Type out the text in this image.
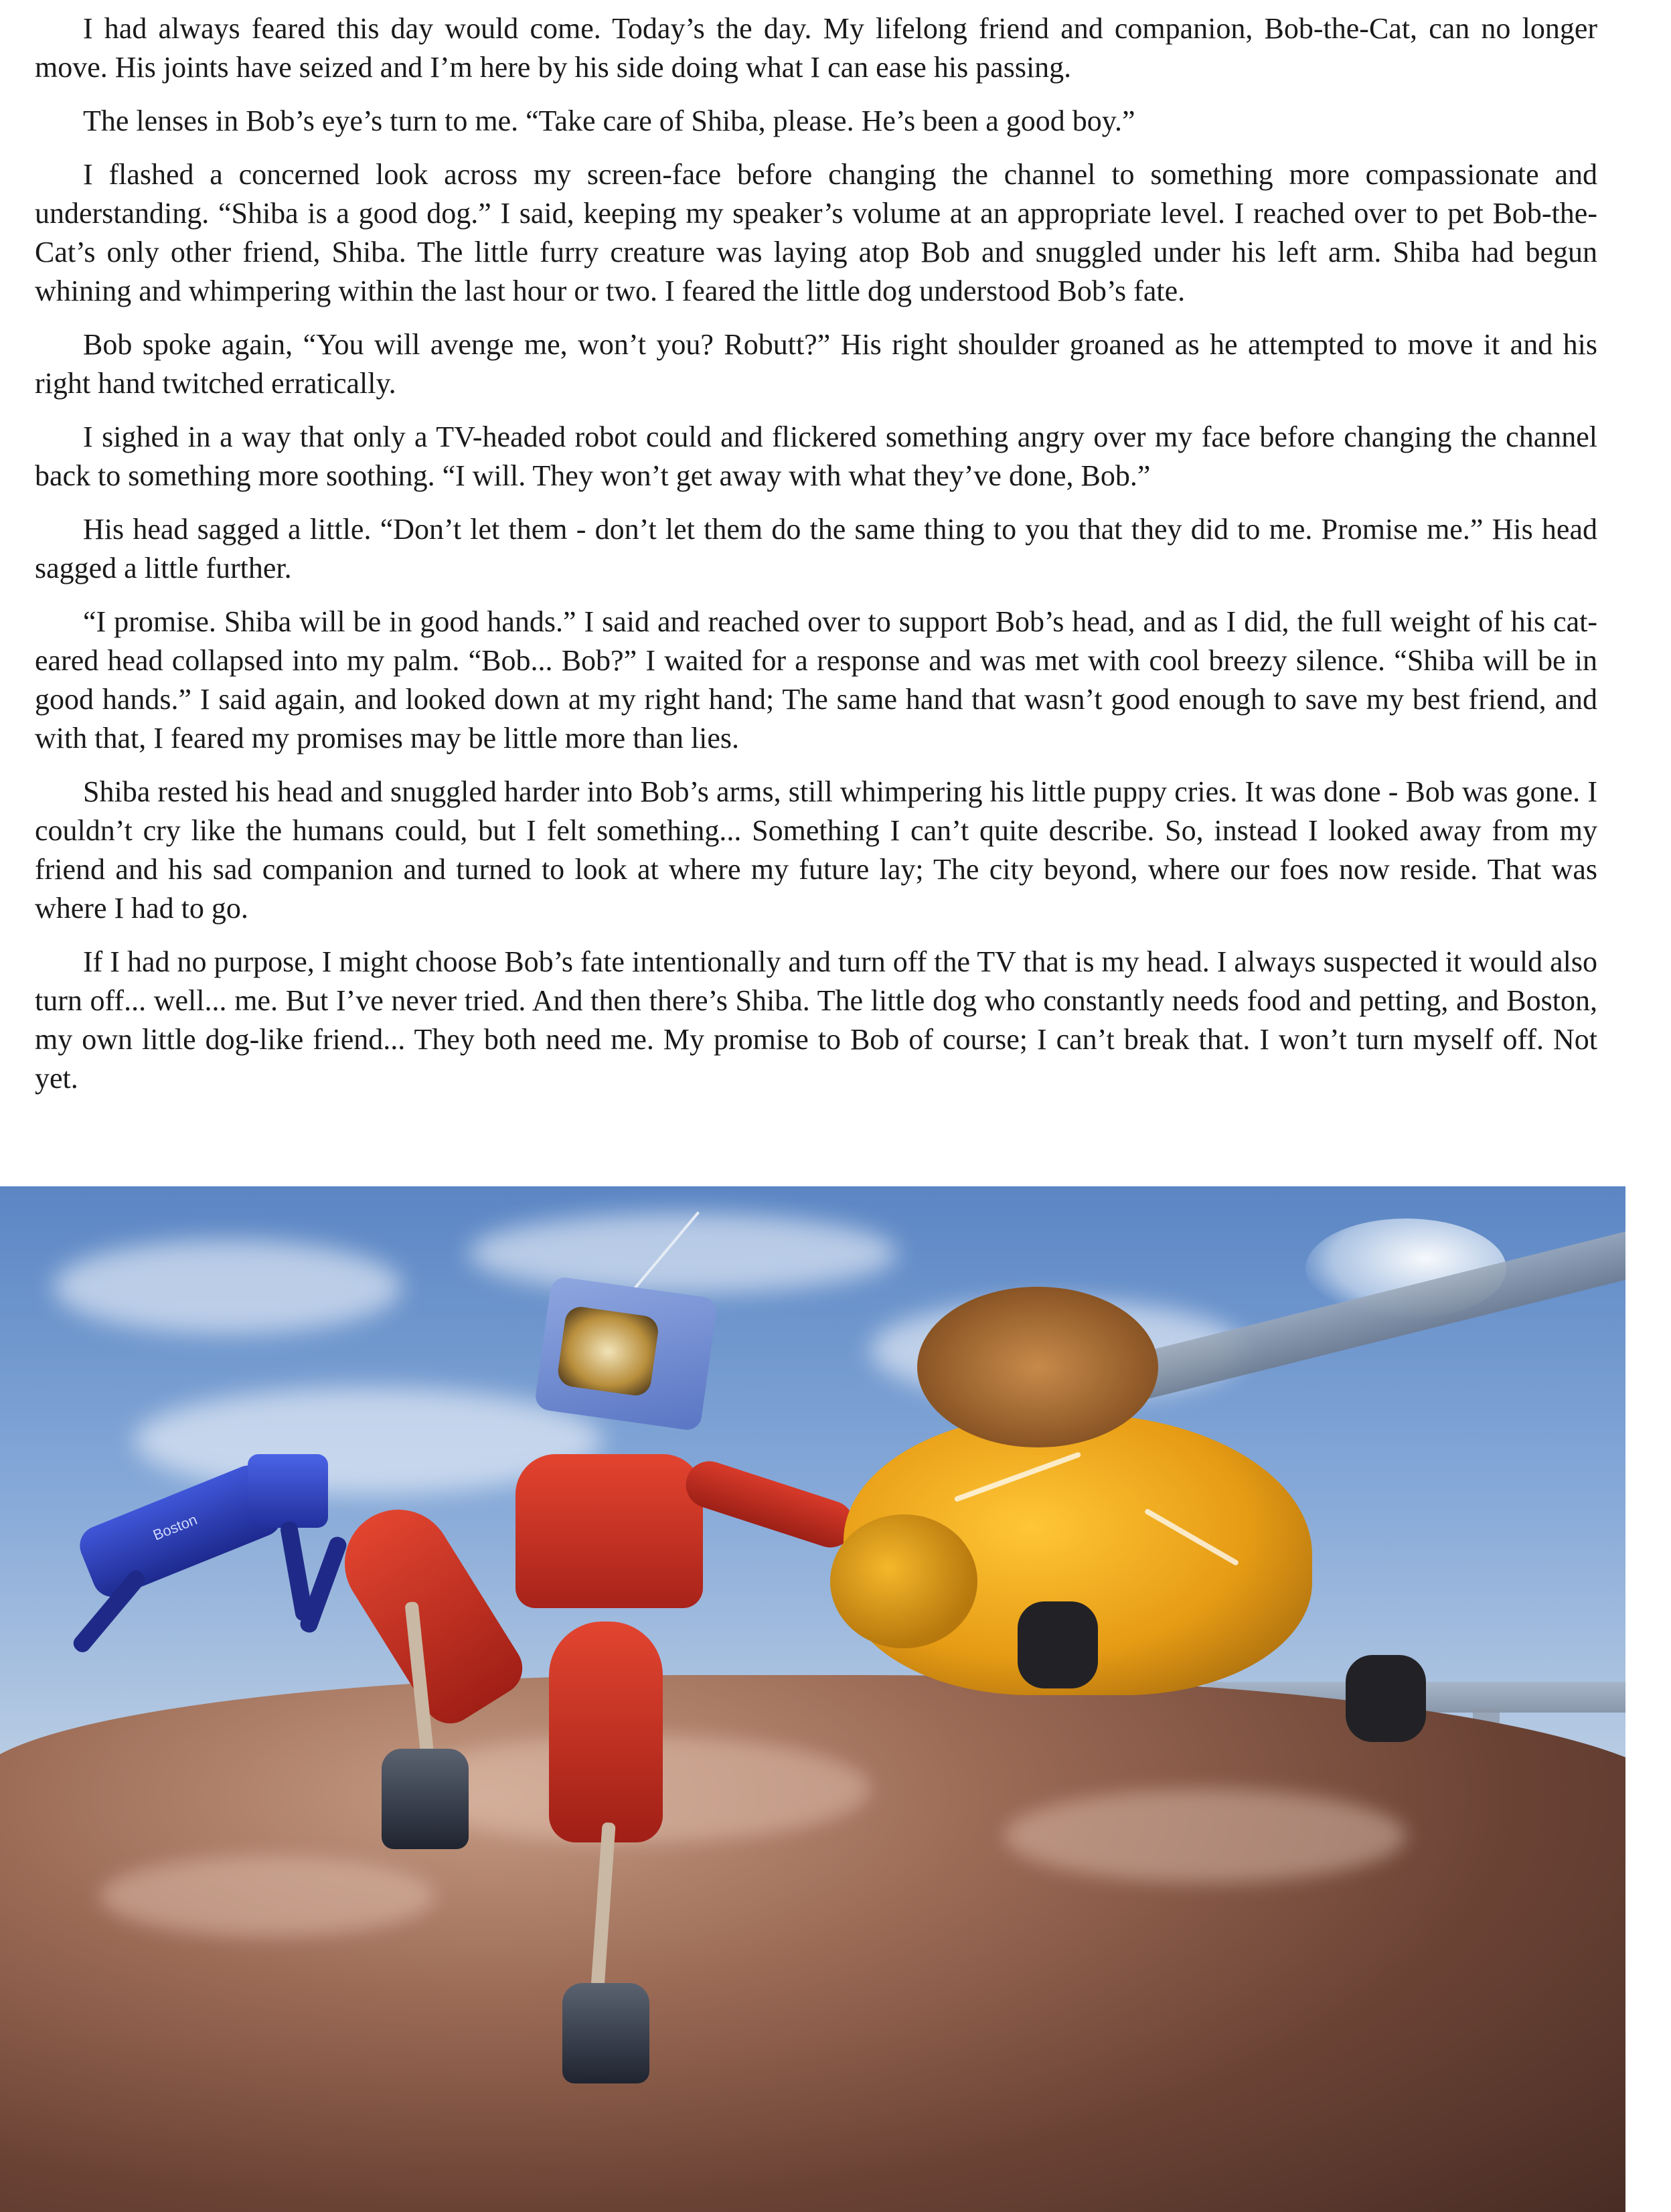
I had always feared this day would come. Today’s the day. My lifelong friend and companion, Bob-the-Cat, can no longer move. His joints have seized and I’m here by his side doing what I can ease his passing.

The lenses in Bob’s eye’s turn to me. “Take care of Shiba, please. He’s been a good boy.”

I flashed a concerned look across my screen-face before changing the channel to something more compassionate and understanding. “Shiba is a good dog.” I said, keeping my speaker’s volume at an appropriate level. I reached over to pet Bob-the-Cat’s only other friend, Shiba. The little furry creature was laying atop Bob and snuggled under his left arm. Shiba had begun whining and whimpering within the last hour or two. I feared the little dog understood Bob’s fate.

Bob spoke again, “You will avenge me, won’t you? Robutt?” His right shoulder groaned as he attempted to move it and his right hand twitched erratically.

I sighed in a way that only a TV-headed robot could and flickered something angry over my face before changing the channel back to something more soothing. “I will. They won’t get away with what they’ve done, Bob.”

His head sagged a little. “Don’t let them - don’t let them do the same thing to you that they did to me. Promise me.” His head sagged a little further.

“I promise. Shiba will be in good hands.” I said and reached over to support Bob’s head, and as I did, the full weight of his cat-eared head collapsed into my palm. “Bob... Bob?” I waited for a response and was met with cool breezy silence. “Shiba will be in good hands.” I said again, and looked down at my right hand; The same hand that wasn’t good enough to save my best friend, and with that, I feared my promises may be little more than lies.

Shiba rested his head and snuggled harder into Bob’s arms, still whimpering his little puppy cries. It was done - Bob was gone. I couldn’t cry like the humans could, but I felt something... Something I can’t quite describe. So, instead I looked away from my friend and his sad companion and turned to look at where my future lay; The city beyond, where our foes now reside. That was where I had to go.

If I had no purpose, I might choose Bob’s fate intentionally and turn off the TV that is my head. I always suspected it would also turn off... well... me. But I’ve never tried. And then there’s Shiba. The little dog who constantly needs food and petting, and Boston, my own little dog-like friend... They both need me. My promise to Bob of course; I can’t break that. I won’t turn myself off. Not yet.

Boston
